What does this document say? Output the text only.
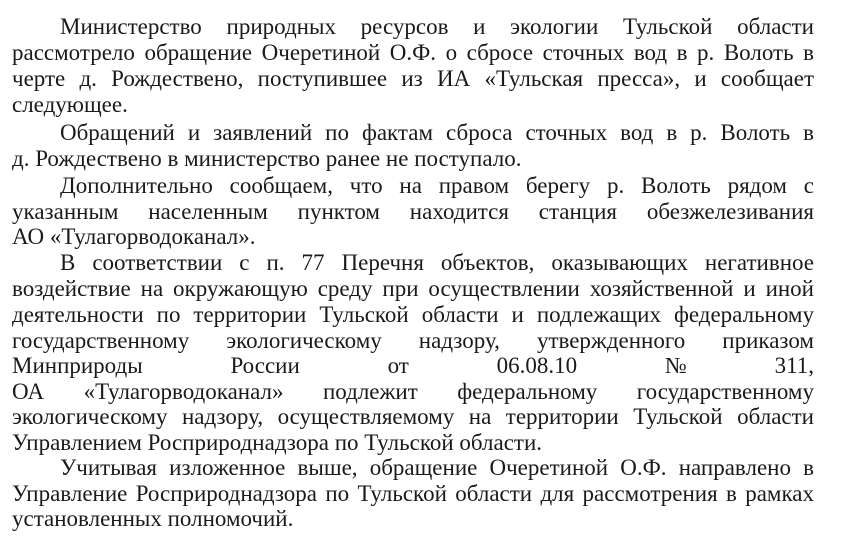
Министерство природных ресурсов и экологии Тульской области
рассмотрело обращение Очеретиной О.Ф. о сбросе сточных вод в р. Волоть в
черте д. Рождествено, поступившее из ИА «Тульская пресса», и сообщает
следующее.
Обращений и заявлений по фактам сброса сточных вод в р. Волоть в
д. Рождествено в министерство ранее не поступало.
Дополнительно сообщаем, что на правом берегу р. Волоть рядом с
указанным населенным пунктом находится станция обезжелезивания
АО «Тулагорводоканал».
В соответствии с п. 77 Перечня объектов, оказывающих негативное
воздействие на окружающую среду при осуществлении хозяйственной и иной
деятельности по территории Тульской области и подлежащих федеральному
государственному экологическому надзору, утвержденного приказом
Минприроды России от 06.08.10 № 311,
ОА «Тулагорводоканал» подлежит федеральному государственному
экологическому надзору, осуществляемому на территории Тульской области
Управлением Росприроднадзора по Тульской области.
Учитывая изложенное выше, обращение Очеретиной О.Ф. направлено в
Управление Росприроднадзора по Тульской области для рассмотрения в рамках
установленных полномочий.
